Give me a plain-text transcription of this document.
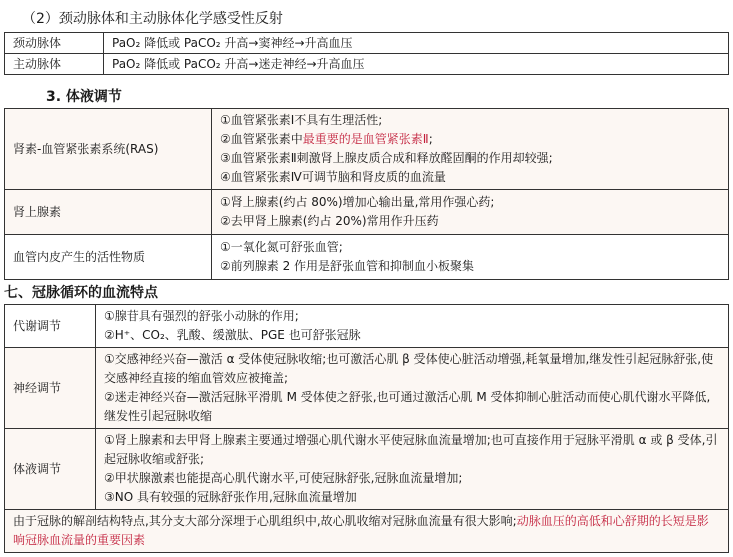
（2）颈动脉体和主动脉体化学感受性反射
颈动脉体	PaO₂ 降低或 PaCO₂ 升高→窦神经→升高血压
主动脉体	PaO₂ 降低或 PaCO₂ 升高→迷走神经→升高血压
3. 体液调节
肾素-血管紧张素系统(RAS)	①血管紧张素Ⅰ不具有生理活性;
②血管紧张素中最重要的是血管紧张素Ⅱ;
③血管紧张素Ⅱ刺激肾上腺皮质合成和释放醛固酮的作用却较强;
④血管紧张素Ⅳ可调节脑和肾皮质的血流量

肾上腺素	①肾上腺素(约占 80%)增加心输出量,常用作强心药;
②去甲肾上腺素(约占 20%)常用作升压药

血管内皮产生的活性物质	①一氧化氮可舒张血管;
②前列腺素 2 作用是舒张血管和抑制血小板聚集
七、冠脉循环的血流特点
代谢调节	①腺苷具有强烈的舒张小动脉的作用;
②H⁺、CO₂、乳酸、缓激肽、PGE 也可舒张冠脉

神经调节	①交感神经兴奋—激活 α 受体使冠脉收缩;也可激活心肌 β 受体使心脏活动增强,耗氧量增加,继发性引起冠脉舒张,使交感神经直接的缩血管效应被掩盖;
②迷走神经兴奋—激活冠脉平滑肌 M 受体使之舒张,也可通过激活心肌 M 受体抑制心脏活动而使心肌代谢水平降低,继发性引起冠脉收缩

体液调节	①肾上腺素和去甲肾上腺素主要通过增强心肌代谢水平使冠脉血流量增加;也可直接作用于冠脉平滑肌 α 或 β 受体,引起冠脉收缩或舒张;
②甲状腺激素也能提高心肌代谢水平,可使冠脉舒张,冠脉血流量增加;
③NO 具有较强的冠脉舒张作用,冠脉血流量增加

由于冠脉的解剖结构特点,其分支大部分深埋于心肌组织中,故心肌收缩对冠脉血流量有很大影响;动脉血压的高低和心舒期的长短是影响冠脉血流量的重要因素	
